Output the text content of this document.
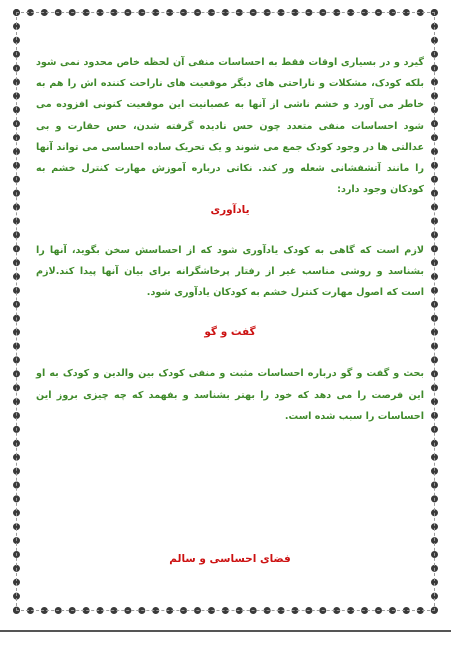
گیرد و در بسیاری اوقات فقط به احساسات منفی آن لحظه خاص محدود نمی شود بلکه کودک، مشکلات و ناراحتی های دیگر موقعیت های ناراحت کننده اش را هم به خاطر می آورد و خشم ناشی از آنها به عصبانیت این موقعیت کنونی افزوده می شود احساسات منفی متعدد چون حس نادیده گرفته شدن، حس حقارت و بی عدالتی ها در وجود کودک جمع می شوند و یک تحریک ساده احساسی می تواند آنها را مانند آتشفشانی شعله ور کند. نکاتی درباره آموزش مهارت کنترل خشم به کودکان وجود دارد:

یادآوری

لازم است که گاهی به کودک یادآوری شود که از احساسش سخن بگوید، آنها را بشناسد و روشی مناسب غیر از رفتار پرخاشگرانه برای بیان آنها پیدا کند.لازم است که اصول مهارت کنترل خشم به کودکان یادآوری شود.

گفت و گو

بحث و گفت و گو درباره احساسات مثبت و منفی کودک بین والدین و کودک به او این فرصت را می دهد که خود را بهتر بشناسد و بفهمد که چه چیزی بروز این احساسات را سبب شده است.

فضای احساسی و سالم
